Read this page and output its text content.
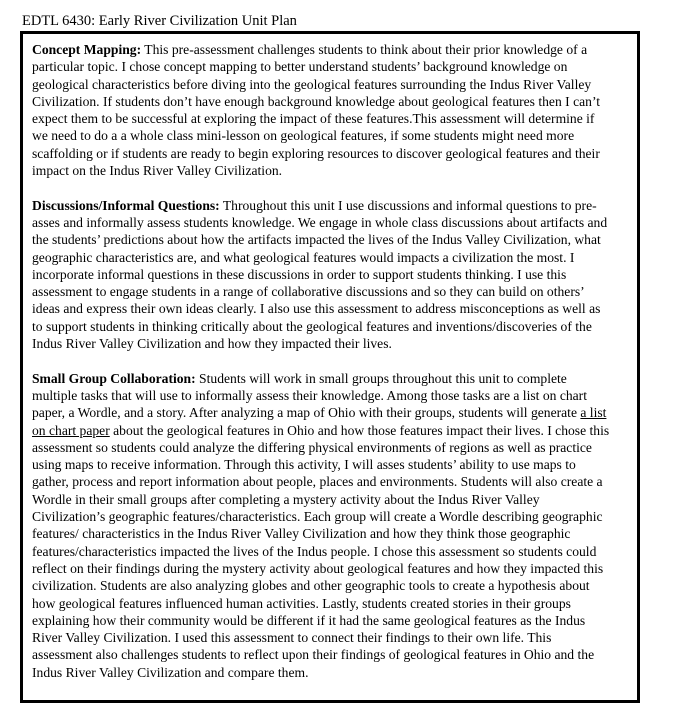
EDTL 6430: Early River Civilization Unit Plan
Concept Mapping: This pre-assessment challenges students to think about their prior knowledge of a
particular topic. I chose concept mapping to better understand students’ background knowledge on
geological characteristics before diving into the geological features surrounding the Indus River Valley
Civilization. If students don’t have enough background knowledge about geological features then I can’t
expect them to be successful at exploring the impact of these features.This assessment will determine if
we need to do a a whole class mini-lesson on geological features, if some students might need more
scaffolding or if students are ready to begin exploring resources to discover geological features and their
impact on the Indus River Valley Civilization.
Discussions/Informal Questions: Throughout this unit I use discussions and informal questions to pre-
asses and informally assess students knowledge. We engage in whole class discussions about artifacts and
the students’ predictions about how the artifacts impacted the lives of the Indus Valley Civilization, what
geographic characteristics are, and what geological features would impacts a civilization the most. I
incorporate informal questions in these discussions in order to support students thinking. I use this
assessment to engage students in a range of collaborative discussions and so they can build on others’
ideas and express their own ideas clearly. I also use this assessment to address misconceptions as well as
to support students in thinking critically about the geological features and inventions/discoveries of the
Indus River Valley Civilization and how they impacted their lives.
Small Group Collaboration: Students will work in small groups throughout this unit to complete
multiple tasks that will use to informally assess their knowledge. Among those tasks are a list on chart
paper, a Wordle, and a story. After analyzing a map of Ohio with their groups, students will generate a list
on chart paper about the geological features in Ohio and how those features impact their lives. I chose this
assessment so students could analyze the differing physical environments of regions as well as practice
using maps to receive information. Through this activity, I will asses students’ ability to use maps to
gather, process and report information about people, places and environments. Students will also create a
Wordle in their small groups after completing a mystery activity about the Indus River Valley
Civilization’s geographic features/characteristics. Each group will create a Wordle describing geographic
features/ characteristics in the Indus River Valley Civilization and how they think those geographic
features/characteristics impacted the lives of the Indus people. I chose this assessment so students could
reflect on their findings during the mystery activity about geological features and how they impacted this
civilization. Students are also analyzing globes and other geographic tools to create a hypothesis about
how geological features influenced human activities. Lastly, students created stories in their groups
explaining how their community would be different if it had the same geological features as the Indus
River Valley Civilization. I used this assessment to connect their findings to their own life. This
assessment also challenges students to reflect upon their findings of geological features in Ohio and the
Indus River Valley Civilization and compare them.
